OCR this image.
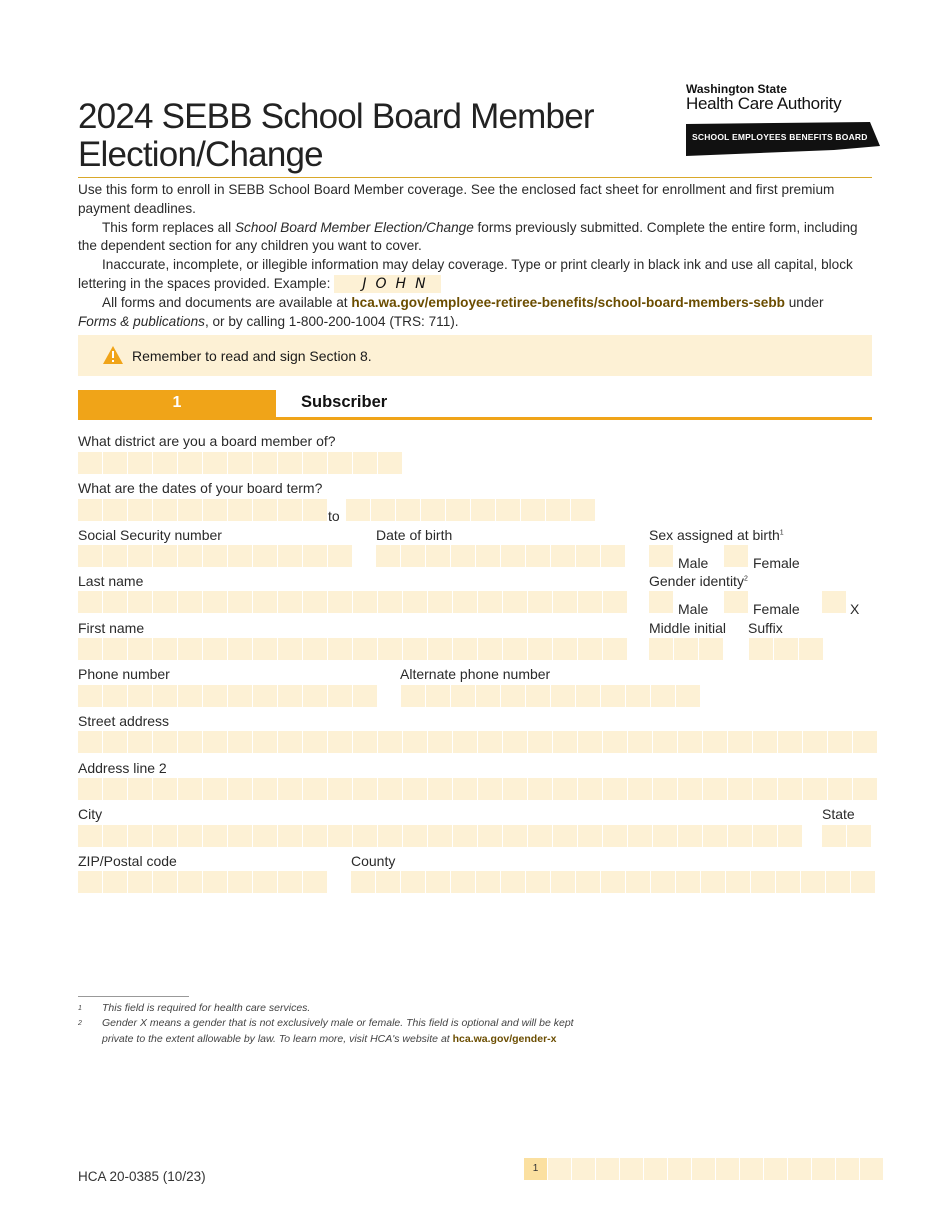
2024 SEBB School Board Member
Election/Change
Washington State
Health Care Authority
SCHOOL EMPLOYEES BENEFITS BOARD

Use this form to enroll in SEBB School Board Member coverage. See the enclosed fact sheet for enrollment and first premium payment deadlines.

This form replaces all School Board Member Election/Change forms previously submitted. Complete the entire form, including the dependent section for any children you want to cover.

Inaccurate, incomplete, or illegible information may delay coverage. Type or print clearly in black ink and use all capital, block lettering in the spaces provided. Example: JOHN

All forms and documents are available at hca.wa.gov/employee-retiree-benefits/school-board-members-sebb under
Forms & publications, or by calling 1-800-200-1004 (TRS: 711).

Remember to read and sign Section 8.
1	Subscriber
What district are you a board member of?
What are the dates of your board term?
to
Social Security number	Date of birth	Sex assigned at birth$^1$
Male	Female
Last name	Gender identity$^2$
Male	Female	X
First name	Middle initial Suffix
Phone number	Alternate phone number
Street address
Address line 2
City	State
ZIP/Postal code	County
$^1$	This field is required for health care services.
$^2$	Gender X means a gender that is not exclusively male or female. This field is optional and will be kept private to the extent allowable by law. To learn more, visit HCA's website at hca.wa.gov/gender-x
HCA 20-0385 (10/23)
1
